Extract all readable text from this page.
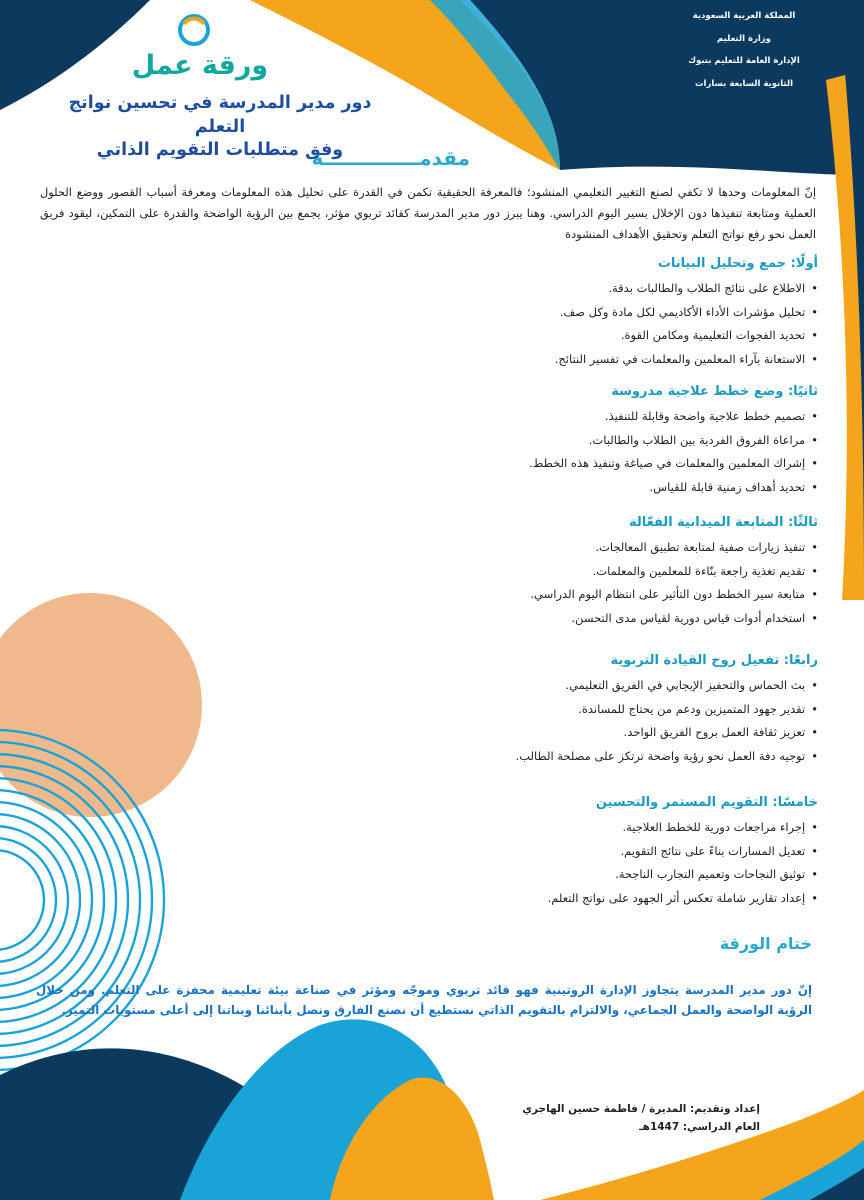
المملكة العربية السعودية
وزارة التعليم
الإدارة العامة للتعليم بتبوك
الثانوية السابعة بسارات
ورقة عمل
دور مدير المدرسة في تحسين نواتج التعلم
وفق متطلبات التقويم الذاتي
مقدمــــــــــــــة
إنّ المعلومات وحدها لا تكفي لصنع التغيير التعليمي المنشود؛ فالمعرفة الحقيقية تكمن في القدرة على تحليل هذه المعلومات ومعرفة أسباب القصور ووضع الحلول العملية ومتابعة تنفيذها دون الإخلال بسير اليوم الدراسي. وهنا يبرز دور مدير المدرسة كقائد تربوي مؤثر، يجمع بين الرؤية الواضحة والقدرة على التمكين، ليقود فريق العمل نحو رفع نواتج التعلم وتحقيق الأهداف المنشودة
أولًا: جمع وتحليل البيانات
•الاطلاع على نتائج الطلاب والطالبات بدقة.
•تحليل مؤشرات الأداء الأكاديمي لكل مادة وكل صف.
•تحديد الفجوات التعليمية ومكامن القوة.
•الاستعانة بآراء المعلمين والمعلمات في تفسير النتائج.
ثانيًا: وضع خطط علاجية مدروسة
•تصميم خطط علاجية واضحة وقابلة للتنفيذ.
•مراعاة الفروق الفردية بين الطلاب والطالبات.
•إشراك المعلمين والمعلمات في صياغة وتنفيذ هذه الخطط.
•تحديد أهداف زمنية قابلة للقياس.
ثالثًا: المتابعة الميدانية الفعّالة
•تنفيذ زيارات صفية لمتابعة تطبيق المعالجات.
•تقديم تغذية راجعة بنّاءة للمعلمين والمعلمات.
•متابعة سير الخطط دون التأثير على انتظام اليوم الدراسي.
•استخدام أدوات قياس دورية لقياس مدى التحسن.
رابعًا: تفعيل روح القيادة التربوية
•بث الحماس والتحفيز الإيجابي في الفريق التعليمي.
•تقدير جهود المتميزين ودعم من يحتاج للمساندة.
•تعزيز ثقافة العمل بروح الفريق الواحد.
•توجيه دفة العمل نحو رؤية واضحة ترتكز على مصلحة الطالب.
خامسًا: التقويم المستمر والتحسين
•إجراء مراجعات دورية للخطط العلاجية.
•تعديل المسارات بناءً على نتائج التقويم.
•توثيق النجاحات وتعميم التجارب الناجحة.
•إعداد تقارير شاملة تعكس أثر الجهود على نواتج التعلم.
ختام الورقة
إنّ دور مدير المدرسة يتجاوز الإدارة الروتينية فهو قائد تربوي وموجّه ومؤثر في صناعة بيئة تعليمية محفزة على التعلم. ومن خلال الرؤية الواضحة والعمل الجماعي، والالتزام بالتقويم الذاتي نستطيع أن نصنع الفارق ونصل بأبنائنا وبناتنا إلى أعلى مستويات التميز.
إعداد وتقديم: المديرة / فاطمة حسين الهاجري
العام الدراسي: 1447هـ
